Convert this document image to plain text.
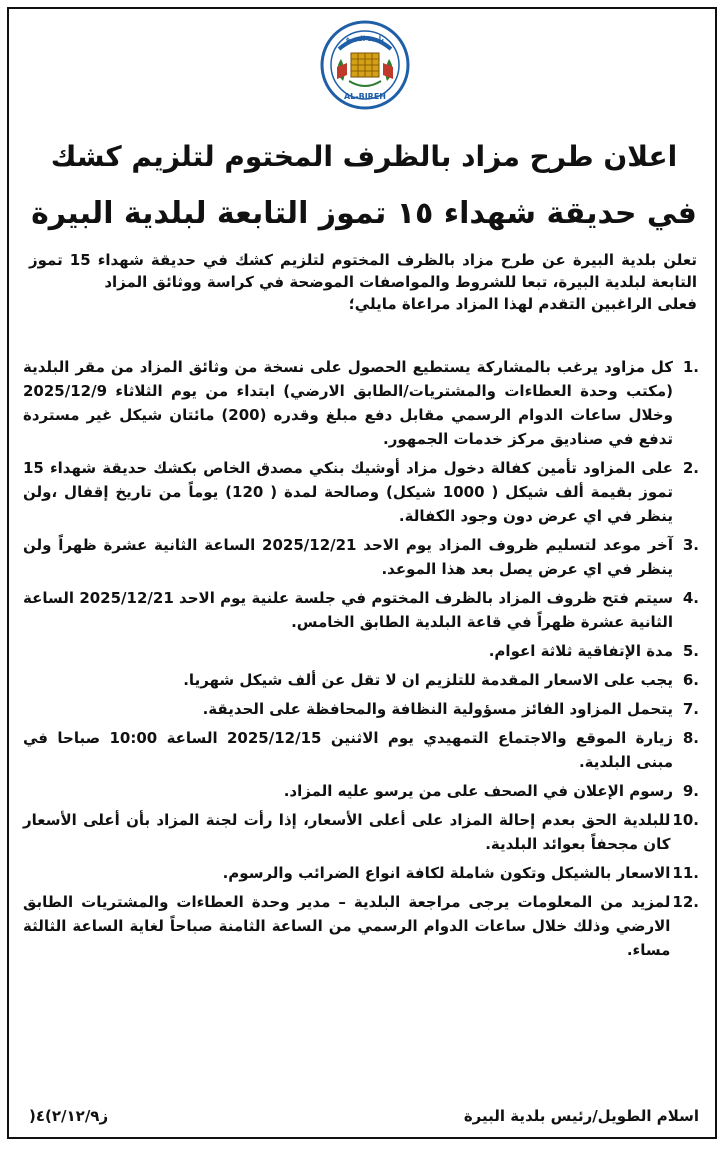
AL-BIREH
بلدية البيرة
اعلان طرح مزاد بالظرف المختوم لتلزيم كشك
في حديقة شهداء ١٥ تموز التابعة لبلدية البيرة

تعلن بلدية البيرة عن طرح مزاد بالظرف المختوم لتلزيم كشك في حديقة شهداء 15 تموز التابعة لبلدية البيرة، تبعا للشروط والمواصفات الموضحة في كراسة ووثائق المزاد

فعلى الراغبين التقدم لهذا المزاد مراعاة مايلي؛

1.
كل مزاود يرغب بالمشاركة يستطيع الحصول على نسخة من وثائق المزاد من مقر البلدية (مكتب وحدة العطاءات والمشتريات/الطابق الارضي) ابتداء من يوم الثلاثاء 2025/12/9 وخلال ساعات الدوام الرسمي مقابل دفع مبلغ وقدره (200) مائتان شيكل غير مستردة تدفع في صناديق مركز خدمات الجمهور.
2.
على المزاود تأمين كفالة دخول مزاد أوشيك بنكي مصدق الخاص بكشك حديقة شهداء 15 تموز بقيمة ألف شيكل ( 1000 شيكل) وصالحة لمدة ( 120) يوماً من تاريخ إقفال ،ولن ينظر في اي عرض دون وجود الكفالة.
3.
آخر موعد لتسليم ظروف المزاد يوم الاحد 2025/12/21 الساعة الثانية عشرة ظهراً ولن ينظر في اي عرض يصل بعد هذا الموعد.
4.
سيتم فتح ظروف المزاد بالظرف المختوم في جلسة علنية يوم الاحد 2025/12/21 الساعة الثانية عشرة ظهراً في قاعة البلدية الطابق الخامس.
5.
مدة الإتفاقية ثلاثة اعوام.
6.
يجب على الاسعار المقدمة للتلزيم ان لا تقل عن ألف شيكل شهريا.
7.
يتحمل المزاود الفائز مسؤولية النظافة والمحافظة على الحديقة.
8.
زيارة الموقع والاجتماع التمهيدي يوم الاثنين 2025/12/15 الساعة 10:00 صباحا في مبنى البلدية.
9.
رسوم الإعلان في الصحف على من يرسو عليه المزاد.
10.
للبلدية الحق بعدم إحالة المزاد على أعلى الأسعار، إذا رأت لجنة المزاد بأن أعلى الأسعار كان مجحفاً بعوائد البلدية.
11.
الاسعار بالشيكل وتكون شاملة لكافة انواع الضرائب والرسوم.
12.
لمزيد من المعلومات يرجى مراجعة البلدية – مدير وحدة العطاءات والمشتريات الطابق الارضي وذلك خلال ساعات الدوام الرسمي من الساعة الثامنة صباحاً لغاية الساعة الثالثة مساء.
اسلام الطويل/رئيس بلدية البيرة
ز٢/١٢/٩)٤(
